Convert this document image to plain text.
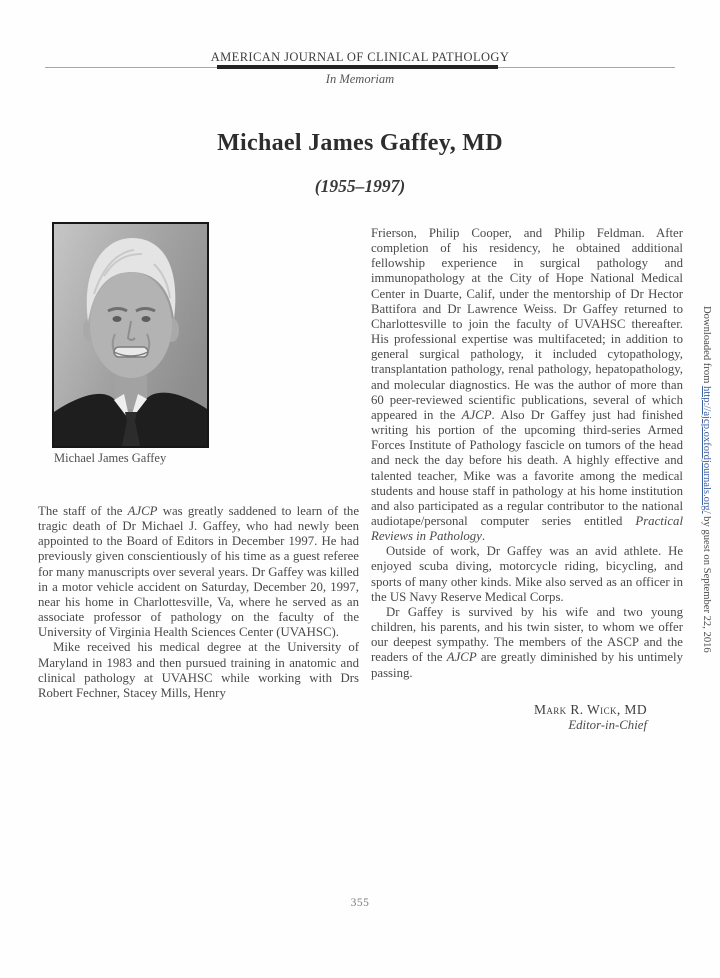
AMERICAN JOURNAL OF CLINICAL PATHOLOGY
In Memoriam
Michael James Gaffey, MD
(1955–1997)
Michael James Gaffey

The staff of the AJCP was greatly saddened to learn of the tragic death of Dr Michael J. Gaffey, who had newly been appointed to the Board of Editors in December 1997. He had previously given conscientiously of his time as a guest referee for many manuscripts over several years. Dr Gaffey was killed in a motor vehicle accident on Saturday, December 20, 1997, near his home in Charlottesville, Va, where he served as an associate professor of pathology on the faculty of the University of Virginia Health Sciences Center (UVAHSC).

Mike received his medical degree at the University of Maryland in 1983 and then pursued training in anatomic and clinical pathology at UVAHSC while working with Drs Robert Fechner, Stacey Mills, Henry

Frierson, Philip Cooper, and Philip Feldman. After completion of his residency, he obtained additional fellowship experience in surgical pathology and immunopathology at the City of Hope National Medical Center in Duarte, Calif, under the mentorship of Dr Hector Battifora and Dr Lawrence Weiss. Dr Gaffey returned to Charlottesville to join the faculty of UVAHSC thereafter. His professional expertise was multifaceted; in addition to general surgical pathology, it included cytopathology, transplantation pathology, renal pathology, hepatopathology, and molecular diagnostics. He was the author of more than 60 peer-reviewed scientific publications, several of which appeared in the AJCP. Also Dr Gaffey just had finished writing his portion of the upcoming third-series Armed Forces Institute of Pathology fascicle on tumors of the head and neck the day before his death. A highly effective and talented teacher, Mike was a favorite among the medical students and house staff in pathology at his home institution and also participated as a regular contributor to the national audiotape/personal computer series entitled Practical Reviews in Pathology.

Outside of work, Dr Gaffey was an avid athlete. He enjoyed scuba diving, motorcycle riding, bicycling, and sports of many other kinds. Mike also served as an officer in the US Navy Reserve Medical Corps.

Dr Gaffey is survived by his wife and two young children, his parents, and his twin sister, to whom we offer our deepest sympathy. The members of the ASCP and the readers of the AJCP are greatly diminished by his untimely passing.

Mark R. Wick, MD
Editor-in-Chief
Downloaded from http://ajcp.oxfordjournals.org/ by guest on September 22, 2016
355
